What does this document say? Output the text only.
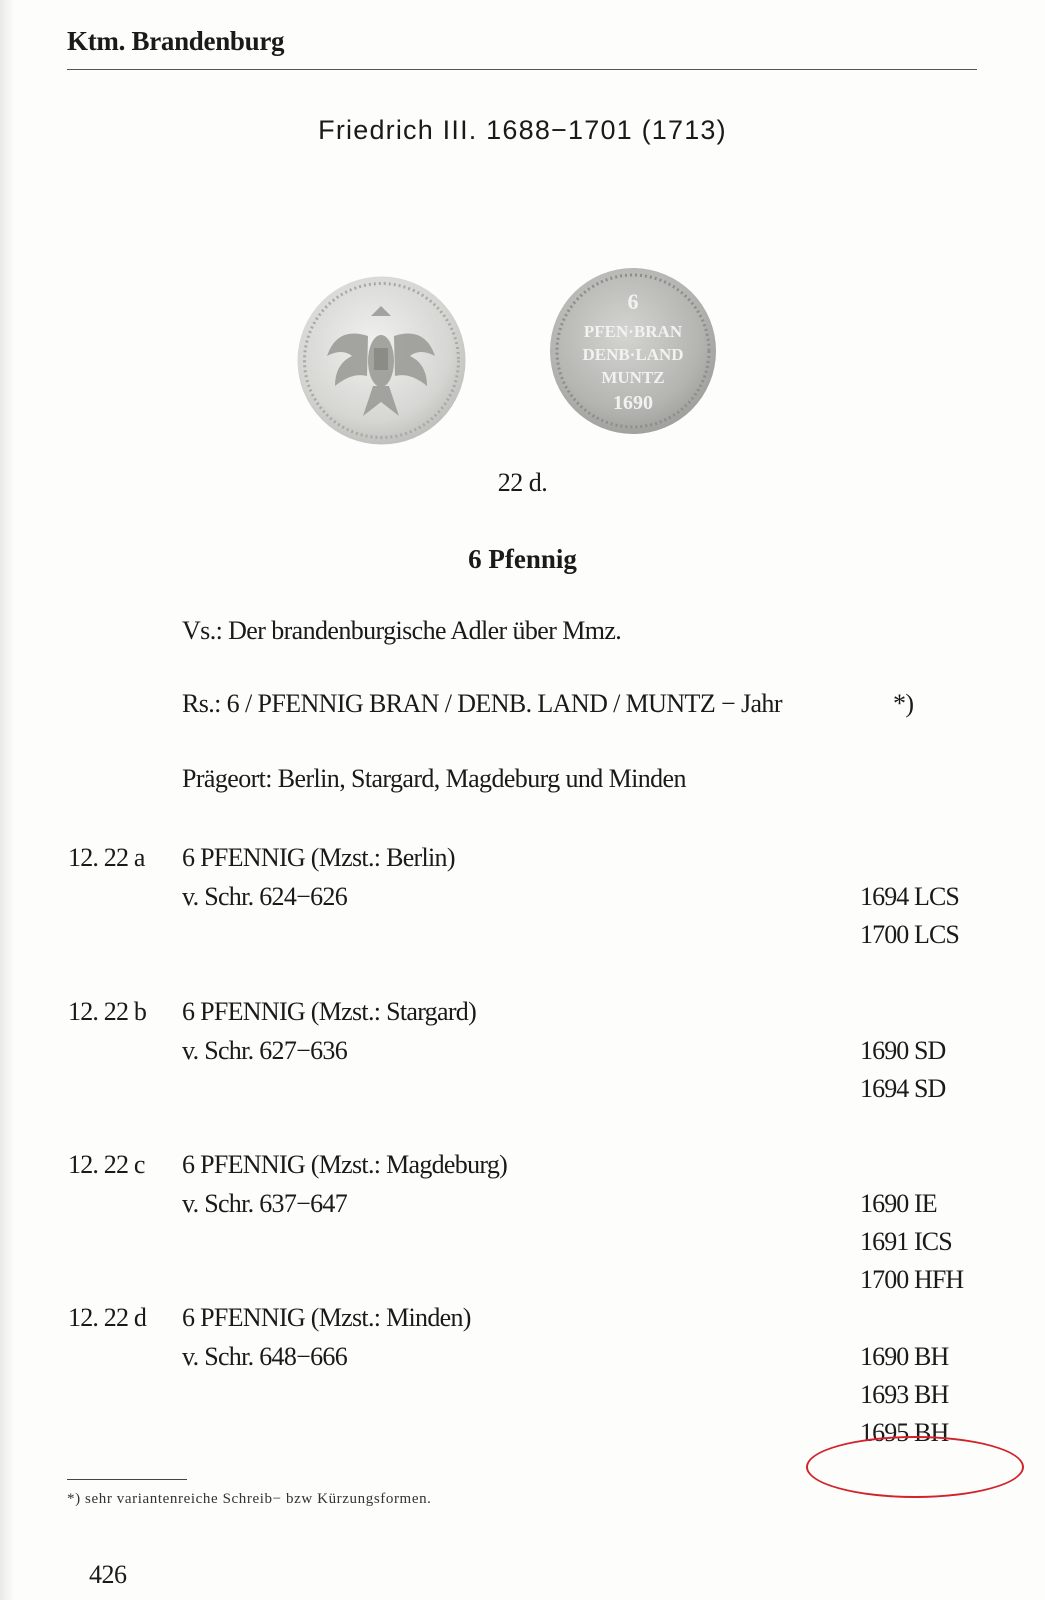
Ktm. Brandenburg
Friedrich III. 1688−1701 (1713)
6
PFEN·BRAN
DENB·LAND
MUNTZ
1690
22 d.
6 Pfennig
Vs.: Der brandenburgische Adler über Mmz.
Rs.: 6 / PFENNIG BRAN / DENB. LAND / MUNTZ − Jahr	*)
Prägeort: Berlin, Stargard, Magdeburg und Minden
12. 22 a 6 PFENNIG (Mzst.: Berlin)
v. Schr. 624−626	1694 LCS
1700 LCS
12. 22 b 6 PFENNIG (Mzst.: Stargard)
v. Schr. 627−636	1690 SD
1694 SD
12. 22 c 6 PFENNIG (Mzst.: Magdeburg)
v. Schr. 637−647	1690 IE
1691 ICS
1700 HFH
12. 22 d 6 PFENNIG (Mzst.: Minden)
v. Schr. 648−666	1690 BH
1693 BH
1695 BH
*) sehr variantenreiche Schreib− bzw Kürzungsformen.
426
